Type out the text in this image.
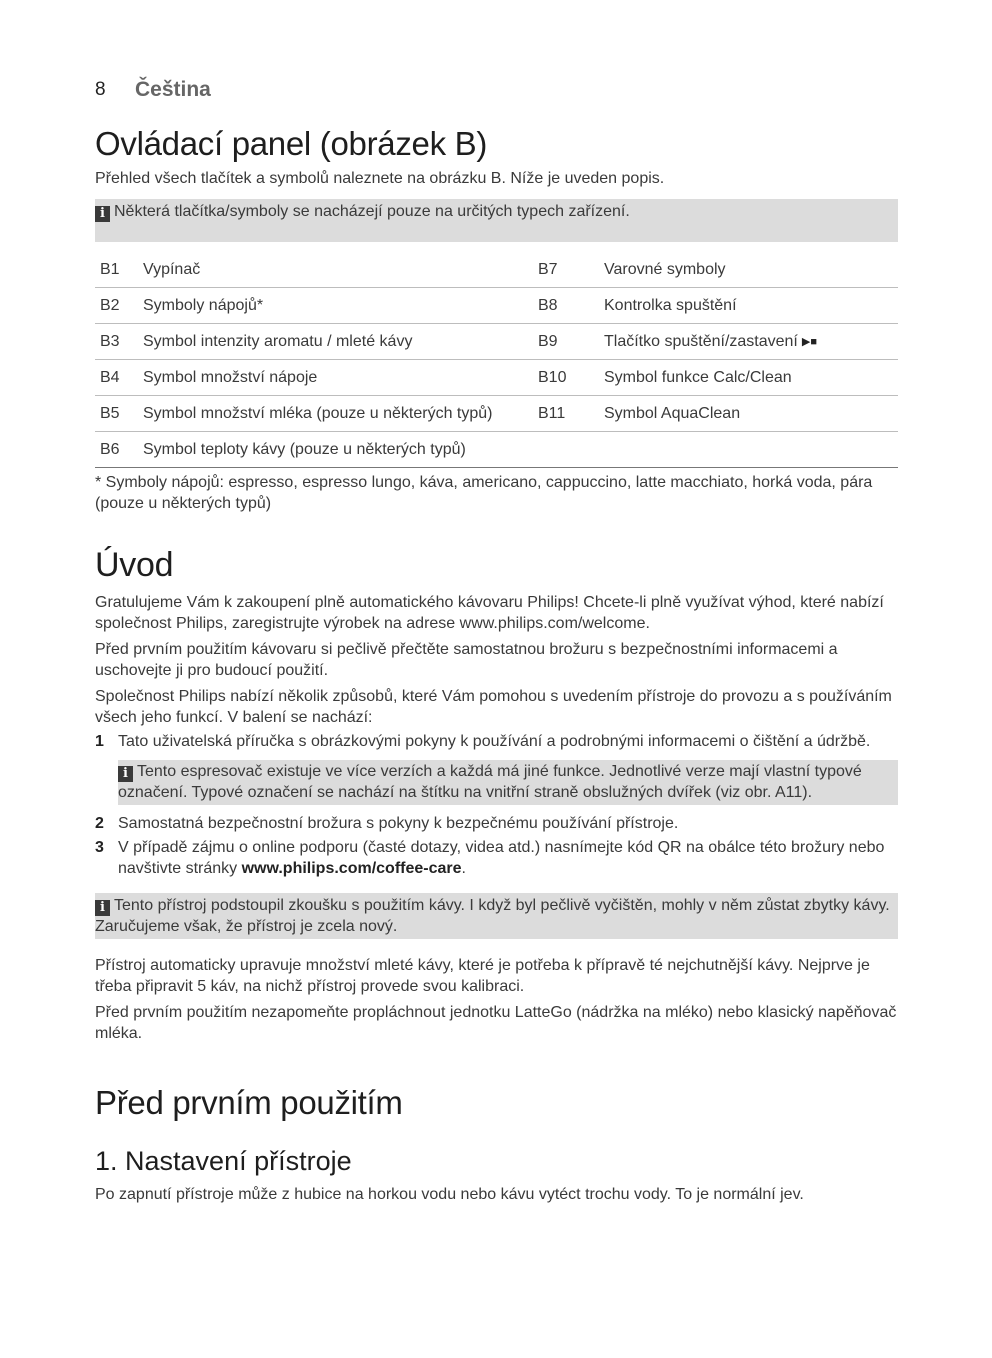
8	Čeština
Ovládací panel (obrázek B)

Přehled všech tlačítek a symbolů naleznete na obrázku B. Níže je uveden popis.

i Některá tlačítka/symboly se nacházejí pouze na určitých typech zařízení.
B1	Vypínač	B7	Varovné symboly
B2	Symboly nápojů*	B8	Kontrolka spuštění
B3	Symbol intenzity aromatu / mleté kávy	B9	Tlačítko spuštění/zastavení ▶■
B4	Symbol množství nápoje	B10	Symbol funkce Calc/Clean
B5	Symbol množství mléka (pouze u některých typů)	B11	Symbol AquaClean
B6	Symbol teploty kávy (pouze u některých typů)		

* Symboly nápojů: espresso, espresso lungo, káva, americano, cappuccino, latte macchiato, horká voda, pára (pouze u některých typů)

Úvod

Gratulujeme Vám k zakoupení plně automatického kávovaru Philips! Chcete-li plně využívat výhod, které nabízí společnost Philips, zaregistrujte výrobek na adrese www.philips.com/welcome.

Před prvním použitím kávovaru si pečlivě přečtěte samostatnou brožuru s bezpečnostními informacemi a uschovejte ji pro budoucí použití.

Společnost Philips nabízí několik způsobů, které Vám pomohou s uvedením přístroje do provozu a s používáním všech jeho funkcí. V balení se nachází:

1 Tato uživatelská příručka s obrázkovými pokyny k používání a podrobnými informacemi o čištění a údržbě.
i Tento espresovač existuje ve více verzích a každá má jiné funkce. Jednotlivé verze mají vlastní typové označení. Typové označení se nachází na štítku na vnitřní straně obslužných dvířek (viz obr. A11).
2 Samostatná bezpečnostní brožura s pokyny k bezpečnému používání přístroje.
3 V případě zájmu o online podporu (časté dotazy, videa atd.) nasnímejte kód QR na obálce této brožury nebo navštivte stránky www.philips.com/coffee-care.
i Tento přístroj podstoupil zkoušku s použitím kávy. I když byl pečlivě vyčištěn, mohly v něm zůstat zbytky kávy. Zaručujeme však, že přístroj je zcela nový.

Přístroj automaticky upravuje množství mleté kávy, které je potřeba k přípravě té nejchutnější kávy. Nejprve je třeba připravit 5 káv, na nichž přístroj provede svou kalibraci.

Před prvním použitím nezapomeňte propláchnout jednotku LatteGo (nádržka na mléko) nebo klasický napěňovač mléka.

Před prvním použitím
1. Nastavení přístroje

Po zapnutí přístroje může z hubice na horkou vodu nebo kávu vytéct trochu vody. To je normální jev.
